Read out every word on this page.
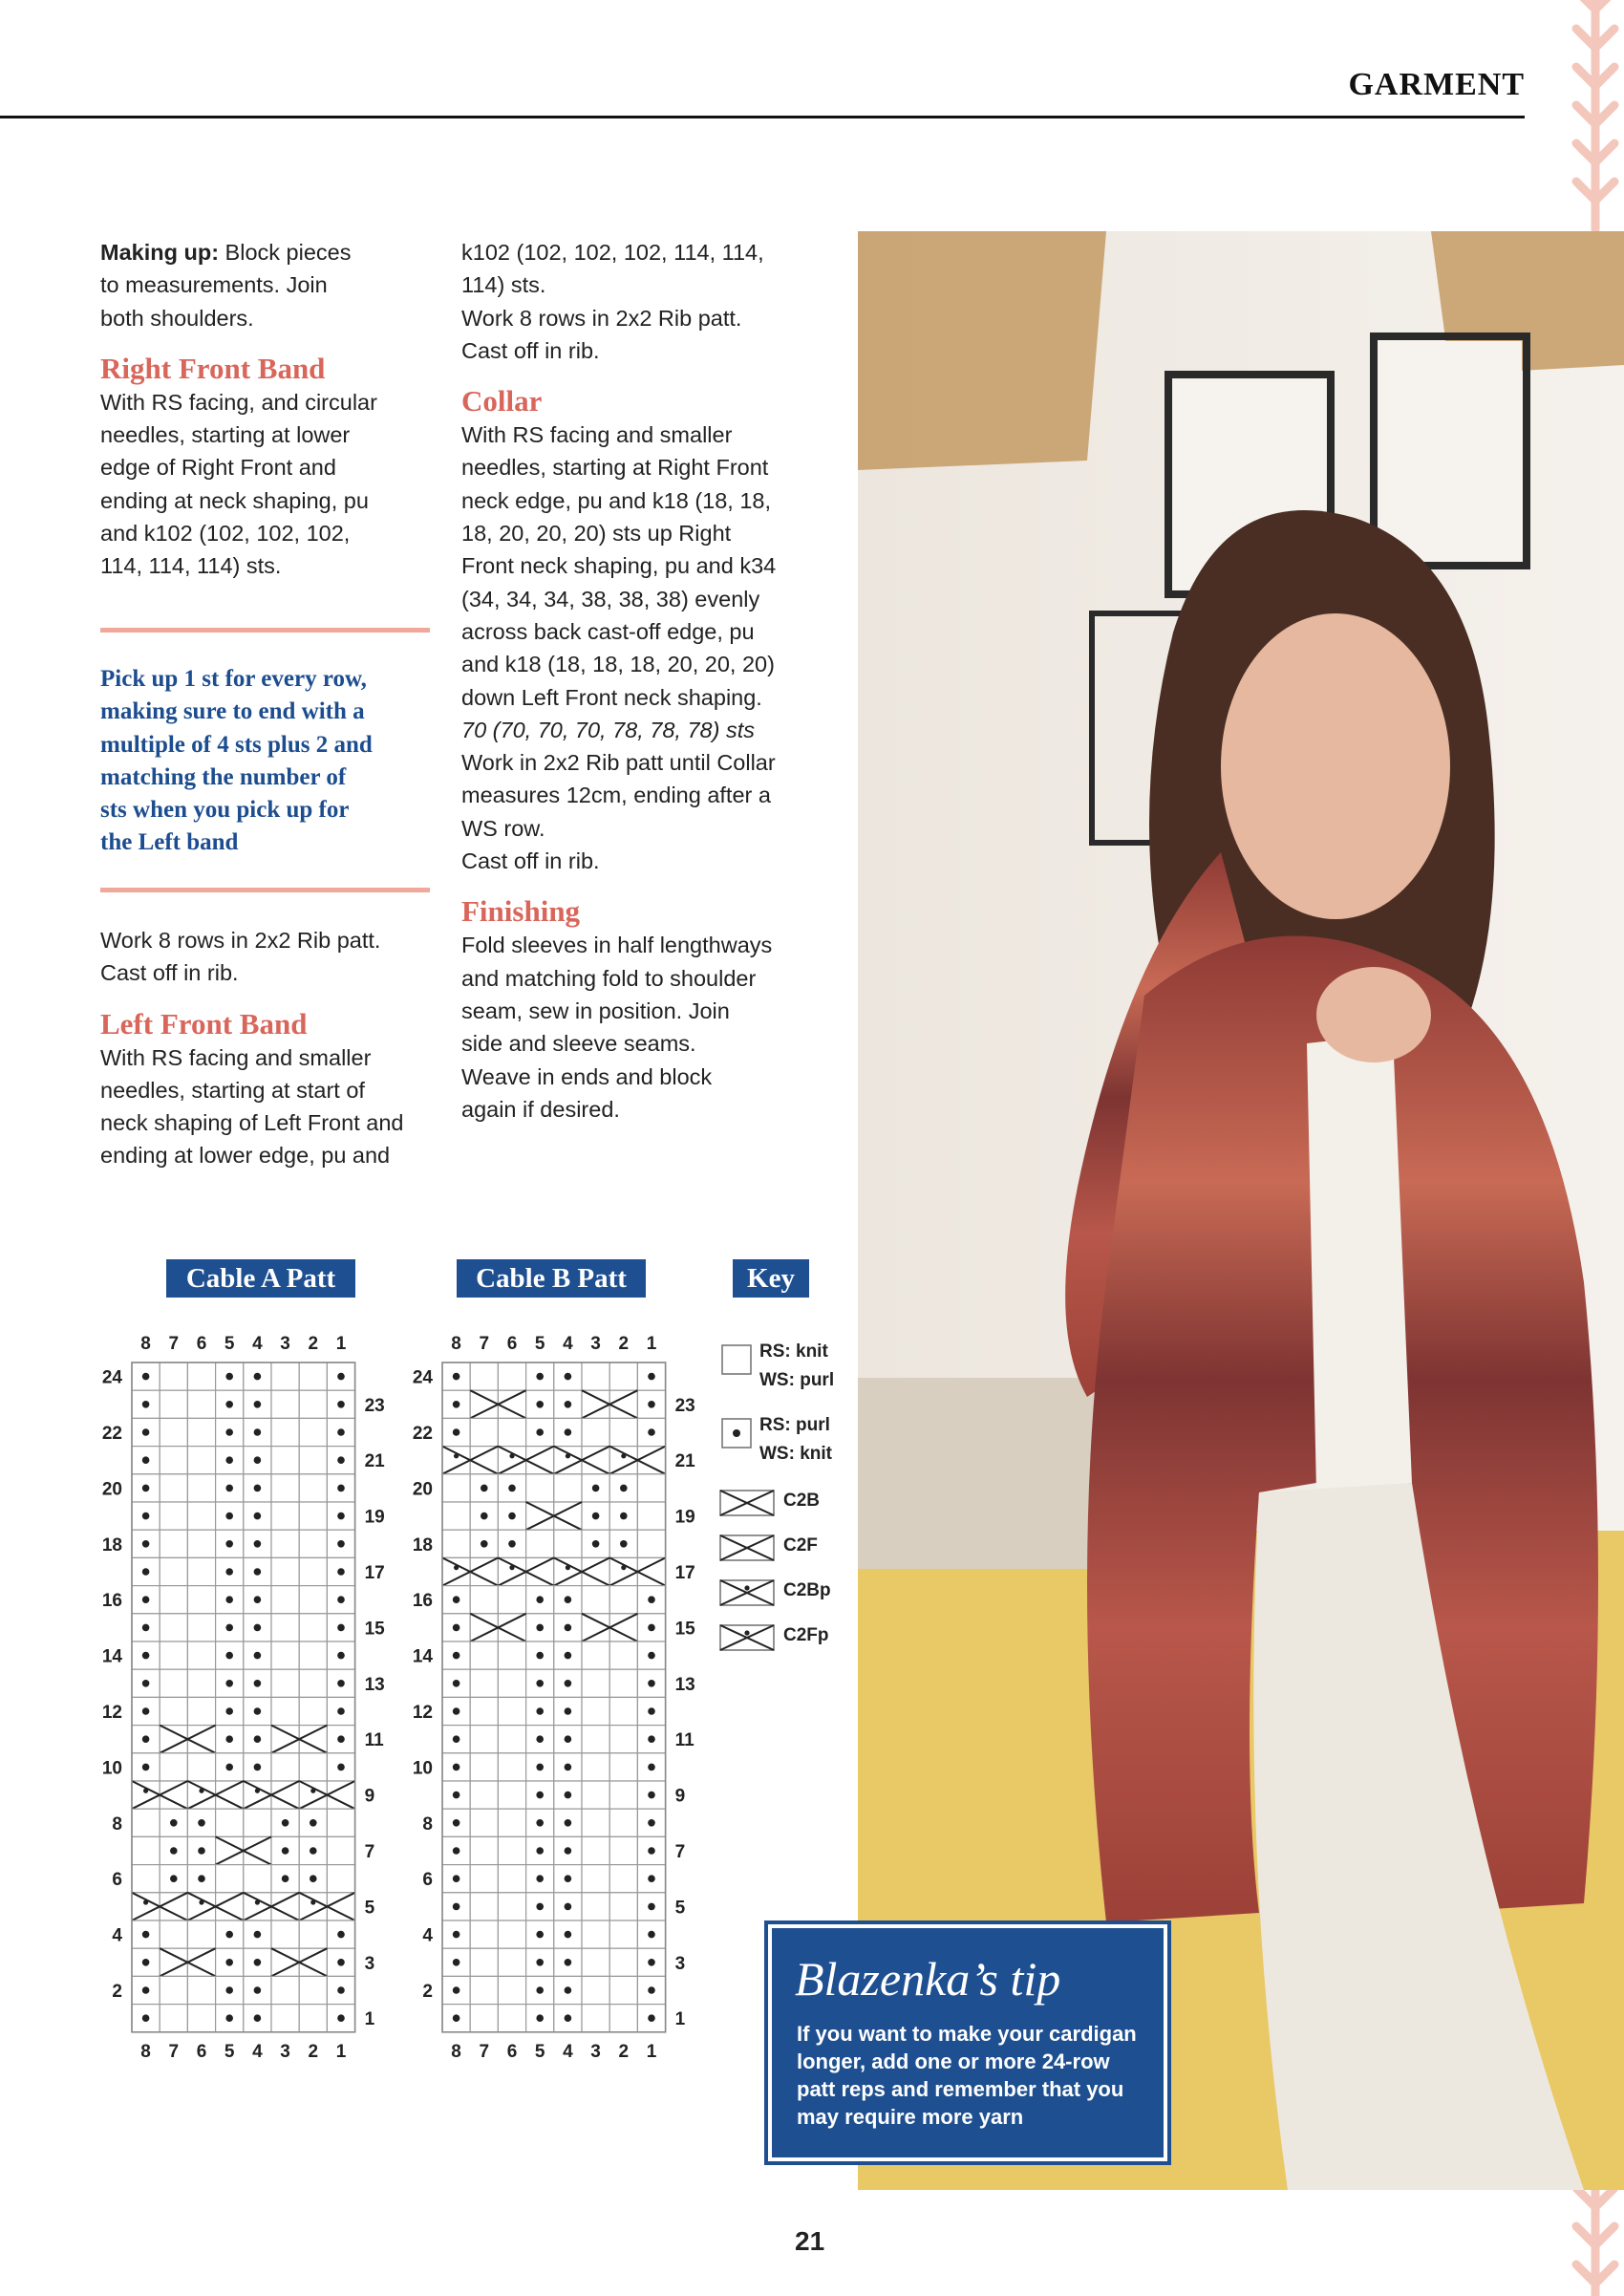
GARMENT

Making up: Block pieces

to measurements. Join
both shoulders.

Right Front Band

With RS facing, and circular
needles, starting at lower
edge of Right Front and
ending at neck shaping, pu
and k102 (102, 102, 102,
114, 114, 114) sts.
Pick up 1 st for every row,
making sure to end with a
multiple of 4 sts plus 2 and
matching the number of
sts when you pick up for
the Left band
Work 8 rows in 2x2 Rib patt.
Cast off in rib.

Left Front Band

With RS facing and smaller
needles, starting at start of
neck shaping of Left Front and
ending at lower edge, pu and
k102 (102, 102, 102, 114, 114,
114) sts.
Work 8 rows in 2x2 Rib patt.
Cast off in rib.

Collar

With RS facing and smaller
needles, starting at Right Front
neck edge, pu and k18 (18, 18,
18, 20, 20, 20) sts up Right
Front neck shaping, pu and k34
(34, 34, 34, 38, 38, 38) evenly
across back cast-off edge, pu
and k18 (18, 18, 18, 20, 20, 20)
down Left Front neck shaping.

70 (70, 70, 70, 78, 78, 78) sts

Work in 2x2 Rib patt until Collar
measures 12cm, ending after a
WS row.
Cast off in rib.

Finishing

Fold sleeves in half lengthways
and matching fold to shoulder
seam, sew in position. Join
side and sleeve seams.
Weave in ends and block
again if desired.
Cable A Patt	Cable B Patt	Key
8
8
7
7
6
6
5
5
4
4
3
3
2
2
1
1
24
23
22
21
20
19
18
17
16
15
14
13
12
11
10
9
8
7
6
5
4
3
2
1
8
8
7
7
6
6
5
5
4
4
3
3
2
2
1
1
24
23
22
21
20
19
18
17
16
15
14
13
12
11
10
9
8
7
6
5
4
3
2
1
RS: knit
WS: purl
RS: purl
WS: knit
C2B
C2F
C2Bp
C2Fp
Blazenka’s tip
If you want to make your cardigan
longer, add one or more 24-row
patt reps and remember that you
may require more yarn
21
